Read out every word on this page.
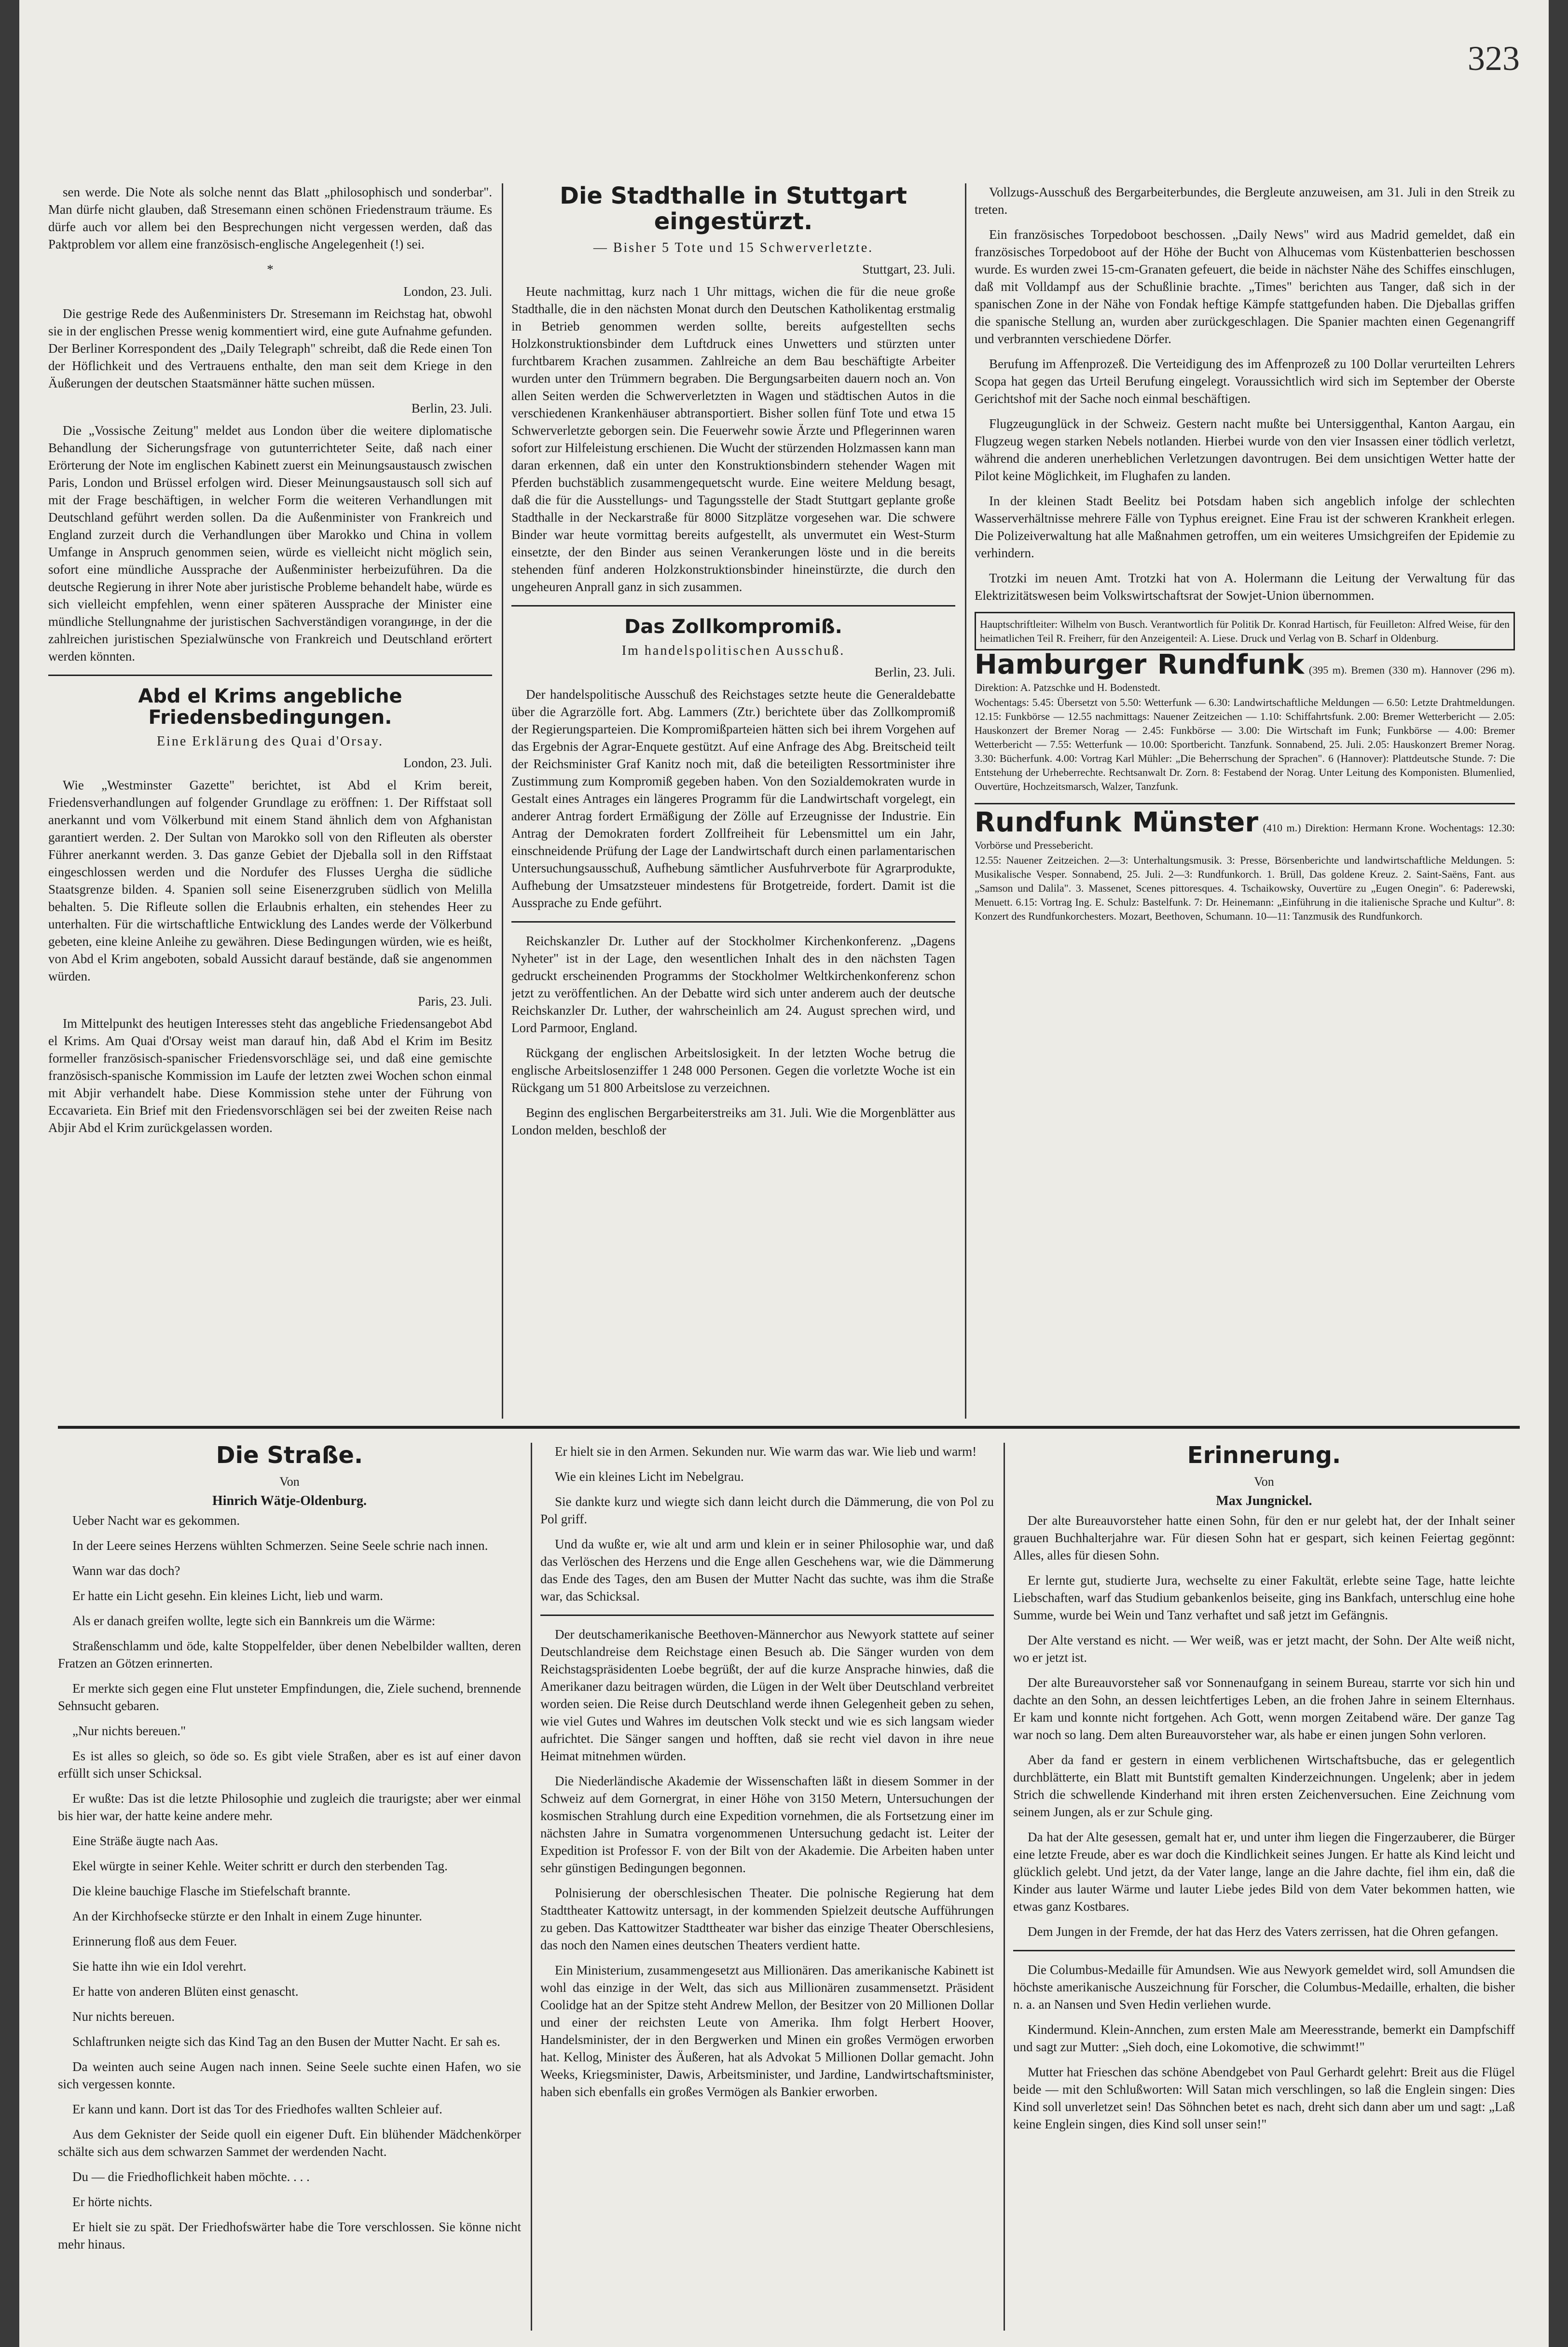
323

sen werde. Die Note als solche nennt das Blatt „philosophisch und sonderbar". Man dürfe nicht glauben, daß Stresemann einen schönen Friedenstraum träume. Es dürfe auch vor allem bei den Besprechungen nicht vergessen werden, daß das Paktproblem vor allem eine französisch-englische Angelegenheit (!) sei.

*
London, 23. Juli.

Die gestrige Rede des Außenministers Dr. Stresemann im Reichstag hat, obwohl sie in der englischen Presse wenig kommentiert wird, eine gute Aufnahme gefunden. Der Berliner Korrespondent des „Daily Telegraph" schreibt, daß die Rede einen Ton der Höflichkeit und des Vertrauens enthalte, den man seit dem Kriege in den Äußerungen der deutschen Staatsmänner hätte suchen müssen.

Berlin, 23. Juli.

Die „Vossische Zeitung" meldet aus London über die weitere diplomatische Behandlung der Sicherungsfrage von gutunterrichteter Seite, daß nach einer Erörterung der Note im englischen Kabinett zuerst ein Meinungsaustausch zwischen Paris, London und Brüssel erfolgen wird. Dieser Meinungsaustausch soll sich auf mit der Frage beschäftigen, in welcher Form die weiteren Verhandlungen mit Deutschland geführt werden sollen. Da die Außenminister von Frankreich und England zurzeit durch die Verhandlungen über Marokko und China in vollem Umfange in Anspruch genommen seien, würde es vielleicht nicht möglich sein, sofort eine mündliche Aussprache der Außenminister herbeizuführen. Da die deutsche Regierung in ihrer Note aber juristische Probleme behandelt habe, würde es sich vielleicht empfehlen, wenn einer späteren Aussprache der Minister eine mündliche Stellungnahme der juristischen Sachverständigen vorangинge, in der die zahlreichen juristischen Spezialwünsche von Frankreich und Deutschland erörtert werden könnten.

Abd el Krims angebliche Friedensbedingungen.
Eine Erklärung des Quai d'Orsay.
London, 23. Juli.

Wie „Westminster Gazette" berichtet, ist Abd el Krim bereit, Friedensverhandlungen auf folgender Grundlage zu eröffnen: 1. Der Riffstaat soll anerkannt und vom Völkerbund mit einem Stand ähnlich dem von Afghanistan garantiert werden. 2. Der Sultan von Marokko soll von den Rifleuten als oberster Führer anerkannt werden. 3. Das ganze Gebiet der Djeballa soll in den Riffstaat eingeschlossen werden und die Nordufer des Flusses Uergha die südliche Staatsgrenze bilden. 4. Spanien soll seine Eisenerzgruben südlich von Melilla behalten. 5. Die Rifleute sollen die Erlaubnis erhalten, ein stehendes Heer zu unterhalten. Für die wirtschaftliche Entwicklung des Landes werde der Völkerbund gebeten, eine kleine Anleihe zu gewähren. Diese Bedingungen würden, wie es heißt, von Abd el Krim angeboten, sobald Aussicht darauf bestände, daß sie angenommen würden.

Paris, 23. Juli.

Im Mittelpunkt des heutigen Interesses steht das angebliche Friedensangebot Abd el Krims. Am Quai d'Orsay weist man darauf hin, daß Abd el Krim im Besitz formeller französisch-spanischer Friedensvorschläge sei, und daß eine gemischte französisch-spanische Kommission im Laufe der letzten zwei Wochen schon einmal mit Abjir verhandelt habe. Diese Kommission stehe unter der Führung von Eccavarieta. Ein Brief mit den Friedensvorschlägen sei bei der zweiten Reise nach Abjir Abd el Krim zurückgelassen worden.

Die Stadthalle in Stuttgart eingestürzt.
— Bisher 5 Tote und 15 Schwerverletzte.
Stuttgart, 23. Juli.

Heute nachmittag, kurz nach 1 Uhr mittags, wichen die für die neue große Stadthalle, die in den nächsten Monat durch den Deutschen Katholikentag erstmalig in Betrieb genommen werden sollte, bereits aufgestellten sechs Holzkonstruktionsbinder dem Luftdruck eines Unwetters und stürzten unter furchtbarem Krachen zusammen. Zahlreiche an dem Bau beschäftigte Arbeiter wurden unter den Trümmern begraben. Die Bergungsarbeiten dauern noch an. Von allen Seiten werden die Schwerverletzten in Wagen und städtischen Autos in die verschiedenen Krankenhäuser abtransportiert. Bisher sollen fünf Tote und etwa 15 Schwerverletzte geborgen sein. Die Feuerwehr sowie Ärzte und Pflegerinnen waren sofort zur Hilfeleistung erschienen. Die Wucht der stürzenden Holzmassen kann man daran erkennen, daß ein unter den Konstruktionsbindern stehender Wagen mit Pferden buchstäblich zusammengequetscht wurde. Eine weitere Meldung besagt, daß die für die Ausstellungs- und Tagungsstelle der Stadt Stuttgart geplante große Stadthalle in der Neckarstraße für 8000 Sitzplätze vorgesehen war. Die schwere Binder war heute vormittag bereits aufgestellt, als unvermutet ein West-Sturm einsetzte, der den Binder aus seinen Verankerungen löste und in die bereits stehenden fünf anderen Holzkonstruktionsbinder hineinstürzte, die durch den ungeheuren Anprall ganz in sich zusammen.

Das Zollkompromiß.
Im handelspolitischen Ausschuß.
Berlin, 23. Juli.

Der handelspolitische Ausschuß des Reichstages setzte heute die Generaldebatte über die Agrarzölle fort. Abg. Lammers (Ztr.) berichtete über das Zollkompromiß der Regierungsparteien. Die Kompromißparteien hätten sich bei ihrem Vorgehen auf das Ergebnis der Agrar-Enquete gestützt. Auf eine Anfrage des Abg. Breitscheid teilt der Reichsminister Graf Kanitz noch mit, daß die beteiligten Ressortminister ihre Zustimmung zum Kompromiß gegeben haben. Von den Sozialdemokraten wurde in Gestalt eines Antrages ein längeres Programm für die Landwirtschaft vorgelegt, ein anderer Antrag fordert Ermäßigung der Zölle auf Erzeugnisse der Industrie. Ein Antrag der Demokraten fordert Zollfreiheit für Lebensmittel um ein Jahr, einschneidende Prüfung der Lage der Landwirtschaft durch einen parlamentarischen Untersuchungsausschuß, Aufhebung sämtlicher Ausfuhrverbote für Agrarprodukte, Aufhebung der Umsatzsteuer mindestens für Brotgetreide, fordert. Damit ist die Aussprache zu Ende geführt.

Reichskanzler Dr. Luther auf der Stockholmer Kirchenkonferenz. „Dagens Nyheter" ist in der Lage, den wesentlichen Inhalt des in den nächsten Tagen gedruckt erscheinenden Programms der Stockholmer Weltkirchenkonferenz schon jetzt zu veröffentlichen. An der Debatte wird sich unter anderem auch der deutsche Reichskanzler Dr. Luther, der wahrscheinlich am 24. August sprechen wird, und Lord Parmoor, England.

Rückgang der englischen Arbeitslosigkeit. In der letzten Woche betrug die englische Arbeitslosenziffer 1 248 000 Personen. Gegen die vorletzte Woche ist ein Rückgang um 51 800 Arbeitslose zu verzeichnen.

Beginn des englischen Bergarbeiterstreiks am 31. Juli. Wie die Morgenblätter aus London melden, beschloß der

Vollzugs-Ausschuß des Bergarbeiterbundes, die Bergleute anzuweisen, am 31. Juli in den Streik zu treten.

Ein französisches Torpedoboot beschossen. „Daily News" wird aus Madrid gemeldet, daß ein französisches Torpedoboot auf der Höhe der Bucht von Alhucemas vom Küstenbatterien beschossen wurde. Es wurden zwei 15-cm-Granaten gefeuert, die beide in nächster Nähe des Schiffes einschlugen, daß mit Volldampf aus der Schußlinie brachte. „Times" berichten aus Tanger, daß sich in der spanischen Zone in der Nähe von Fondak heftige Kämpfe stattgefunden haben. Die Djeballas griffen die spanische Stellung an, wurden aber zurückgeschlagen. Die Spanier machten einen Gegenangriff und verbrannten verschiedene Dörfer.

Berufung im Affenprozeß. Die Verteidigung des im Affenprozeß zu 100 Dollar verurteilten Lehrers Scopa hat gegen das Urteil Berufung eingelegt. Voraussichtlich wird sich im September der Oberste Gerichtshof mit der Sache noch einmal beschäftigen.

Flugzeugunglück in der Schweiz. Gestern nacht mußte bei Untersiggenthal, Kanton Aargau, ein Flugzeug wegen starken Nebels notlanden. Hierbei wurde von den vier Insassen einer tödlich verletzt, während die anderen unerheblichen Verletzungen davontrugen. Bei dem unsichtigen Wetter hatte der Pilot keine Möglichkeit, im Flughafen zu landen.

In der kleinen Stadt Beelitz bei Potsdam haben sich angeblich infolge der schlechten Wasserverhältnisse mehrere Fälle von Typhus ereignet. Eine Frau ist der schweren Krankheit erlegen. Die Polizeiverwaltung hat alle Maßnahmen getroffen, um ein weiteres Umsichgreifen der Epidemie zu verhindern.

Trotzki im neuen Amt. Trotzki hat von A. Holermann die Leitung der Verwaltung für das Elektrizitätswesen beim Volkswirtschaftsrat der Sowjet-Union übernommen.

Hauptschriftleiter: Wilhelm von Busch. Verantwortlich für Politik Dr. Konrad Hartisch, für Feuilleton: Alfred Weise, für den heimatlichen Teil R. Freiherr, für den Anzeigenteil: A. Liese. Druck und Verlag von B. Scharf in Oldenburg.
Hamburger Rundfunk (395 m). Bremen (330 m). Hannover (296 m). Direktion: A. Patzschke und H. Bodenstedt.
Wochentags: 5.45: Übersetzt von 5.50: Wetterfunk — 6.30: Landwirtschaftliche Meldungen — 6.50: Letzte Drahtmeldungen. 12.15: Funkbörse — 12.55 nachmittags: Nauener Zeitzeichen — 1.10: Schiffahrtsfunk. 2.00: Bremer Wetterbericht — 2.05: Hauskonzert der Bremer Norag — 2.45: Funkbörse — 3.00: Die Wirtschaft im Funk; Funkbörse — 4.00: Bremer Wetterbericht — 7.55: Wetterfunk — 10.00: Sportbericht. Tanzfunk. Sonnabend, 25. Juli. 2.05: Hauskonzert Bremer Norag. 3.30: Bücherfunk. 4.00: Vortrag Karl Mühler: „Die Beherrschung der Sprachen". 6 (Hannover): Plattdeutsche Stunde. 7: Die Entstehung der Urheberrechte. Rechtsanwalt Dr. Zorn. 8: Festabend der Norag. Unter Leitung des Komponisten. Blumenlied, Ouvertüre, Hochzeitsmarsch, Walzer, Tanzfunk.
Rundfunk Münster (410 m.) Direktion: Hermann Krone. Wochentags: 12.30: Vorbörse und Pressebericht.
12.55: Nauener Zeitzeichen. 2—3: Unterhaltungsmusik. 3: Presse, Börsenberichte und landwirtschaftliche Meldungen. 5: Musikalische Vesper. Sonnabend, 25. Juli. 2—3: Rundfunkorch. 1. Brüll, Das goldene Kreuz. 2. Saint-Saëns, Fant. aus „Samson und Dalila". 3. Massenet, Scenes pittoresques. 4. Tschaikowsky, Ouvertüre zu „Eugen Onegin". 6: Paderewski, Menuett. 6.15: Vortrag Ing. E. Schulz: Bastelfunk. 7: Dr. Heinemann: „Einführung in die italienische Sprache und Kultur". 8: Konzert des Rundfunkorchesters. Mozart, Beethoven, Schumann. 10—11: Tanzmusik des Rundfunkorch.
Die Straße.
Von
Hinrich Wätje-Oldenburg.

Ueber Nacht war es gekommen.

In der Leere seines Herzens wühlten Schmerzen. Seine Seele schrie nach innen.

Wann war das doch?

Er hatte ein Licht gesehn. Ein kleines Licht, lieb und warm.

Als er danach greifen wollte, legte sich ein Bannkreis um die Wärme:

Straßenschlamm und öde, kalte Stoppelfelder, über denen Nebelbilder wallten, deren Fratzen an Götzen erinnerten.

Er merkte sich gegen eine Flut unsteter Empfindungen, die, Ziele suchend, brennende Sehnsucht gebaren.

„Nur nichts bereuen."

Es ist alles so gleich, so öde so. Es gibt viele Straßen, aber es ist auf einer davon erfüllt sich unser Schicksal.

Er wußte: Das ist die letzte Philosophie und zugleich die traurigste; aber wer einmal bis hier war, der hatte keine andere mehr.

Eine Sträße äugte nach Aas.

Ekel würgte in seiner Kehle. Weiter schritt er durch den sterbenden Tag.

Die kleine bauchige Flasche im Stiefelschaft brannte.

An der Kirchhofsecke stürzte er den Inhalt in einem Zuge hinunter.

Erinnerung floß aus dem Feuer.

Sie hatte ihn wie ein Idol verehrt.

Er hatte von anderen Blüten einst genascht.

Nur nichts bereuen.

Schlaftrunken neigte sich das Kind Tag an den Busen der Mutter Nacht. Er sah es.

Da weinten auch seine Augen nach innen. Seine Seele suchte einen Hafen, wo sie sich vergessen konnte.

Er kann und kann. Dort ist das Tor des Friedhofes wallten Schleier auf.

Aus dem Geknister der Seide quoll ein eigener Duft. Ein blühender Mädchenkörper schälte sich aus dem schwarzen Sammet der werdenden Nacht.

Du — die Friedhoflichkeit haben möchte. . . .

Er hörte nichts.

Er hielt sie zu spät. Der Friedhofswärter habe die Tore verschlossen. Sie könne nicht mehr hinaus.

Er hielt sie in den Armen. Sekunden nur. Wie warm das war. Wie lieb und warm!

Wie ein kleines Licht im Nebelgrau.

Sie dankte kurz und wiegte sich dann leicht durch die Dämmerung, die von Pol zu Pol griff.

Und da wußte er, wie alt und arm und klein er in seiner Philosophie war, und daß das Verlöschen des Herzens und die Enge allen Geschehens war, wie die Dämmerung das Ende des Tages, den am Busen der Mutter Nacht das suchte, was ihm die Straße war, das Schicksal.

Der deutschamerikanische Beethoven-Männerchor aus Newyork stattete auf seiner Deutschlandreise dem Reichstage einen Besuch ab. Die Sänger wurden von dem Reichstagspräsidenten Loebe begrüßt, der auf die kurze Ansprache hinwies, daß die Amerikaner dazu beitragen würden, die Lügen in der Welt über Deutschland verbreitet worden seien. Die Reise durch Deutschland werde ihnen Gelegenheit geben zu sehen, wie viel Gutes und Wahres im deutschen Volk steckt und wie es sich langsam wieder aufrichtet. Die Sänger sangen und hofften, daß sie recht viel davon in ihre neue Heimat mitnehmen würden.

Die Niederländische Akademie der Wissenschaften läßt in diesem Sommer in der Schweiz auf dem Gornergrat, in einer Höhe von 3150 Metern, Untersuchungen der kosmischen Strahlung durch eine Expedition vornehmen, die als Fortsetzung einer im nächsten Jahre in Sumatra vorgenommenen Untersuchung gedacht ist. Leiter der Expedition ist Professor F. von der Bilt von der Akademie. Die Arbeiten haben unter sehr günstigen Bedingungen begonnen.

Polnisierung der oberschlesischen Theater. Die polnische Regierung hat dem Stadttheater Kattowitz untersagt, in der kommenden Spielzeit deutsche Aufführungen zu geben. Das Kattowitzer Stadttheater war bisher das einzige Theater Oberschlesiens, das noch den Namen eines deutschen Theaters verdient hatte.

Ein Ministerium, zusammengesetzt aus Millionären. Das amerikanische Kabinett ist wohl das einzige in der Welt, das sich aus Millionären zusammensetzt. Präsident Coolidge hat an der Spitze steht Andrew Mellon, der Besitzer von 20 Millionen Dollar und einer der reichsten Leute von Amerika. Ihm folgt Herbert Hoover, Handelsminister, der in den Bergwerken und Minen ein großes Vermögen erworben hat. Kellog, Minister des Äußeren, hat als Advokat 5 Millionen Dollar gemacht. John Weeks, Kriegsminister, Dawis, Arbeitsminister, und Jardine, Landwirtschaftsminister, haben sich ebenfalls ein großes Vermögen als Bankier erworben.

Erinnerung.
Von
Max Jungnickel.

Der alte Bureauvorsteher hatte einen Sohn, für den er nur gelebt hat, der der Inhalt seiner grauen Buchhalterjahre war. Für diesen Sohn hat er gespart, sich keinen Feiertag gegönnt: Alles, alles für diesen Sohn.

Er lernte gut, studierte Jura, wechselte zu einer Fakultät, erlebte seine Tage, hatte leichte Liebschaften, warf das Studium gebankenlos beiseite, ging ins Bankfach, unterschlug eine hohe Summe, wurde bei Wein und Tanz verhaftet und saß jetzt im Gefängnis.

Der Alte verstand es nicht. — Wer weiß, was er jetzt macht, der Sohn. Der Alte weiß nicht, wo er jetzt ist.

Der alte Bureauvorsteher saß vor Sonnenaufgang in seinem Bureau, starrte vor sich hin und dachte an den Sohn, an dessen leichtfertiges Leben, an die frohen Jahre in seinem Elternhaus. Er kam und konnte nicht fortgehen. Ach Gott, wenn morgen Zeitabend wäre. Der ganze Tag war noch so lang. Dem alten Bureauvorsteher war, als habe er einen jungen Sohn verloren.

Aber da fand er gestern in einem verblichenen Wirtschaftsbuche, das er gelegentlich durchblätterte, ein Blatt mit Buntstift gemalten Kinderzeichnungen. Ungelenk; aber in jedem Strich die schwellende Kinderhand mit ihren ersten Zeichenversuchen. Eine Zeichnung vom seinem Jungen, als er zur Schule ging.

Da hat der Alte gesessen, gemalt hat er, und unter ihm liegen die Fingerzauberer, die Bürger eine letzte Freude, aber es war doch die Kindlichkeit seines Jungen. Er hatte als Kind leicht und glücklich gelebt. Und jetzt, da der Vater lange, lange an die Jahre dachte, fiel ihm ein, daß die Kinder aus lauter Wärme und lauter Liebe jedes Bild von dem Vater bekommen hatten, wie etwas ganz Kostbares.

Dem Jungen in der Fremde, der hat das Herz des Vaters zerrissen, hat die Ohren gefangen.

Die Columbus-Medaille für Amundsen. Wie aus Newyork gemeldet wird, soll Amundsen die höchste amerikanische Auszeichnung für Forscher, die Columbus-Medaille, erhalten, die bisher n. a. an Nansen und Sven Hedin verliehen wurde.

Kindermund. Klein-Annchen, zum ersten Male am Meeresstrande, bemerkt ein Dampfschiff und sagt zur Mutter: „Sieh doch, eine Lokomotive, die schwimmt!"

Mutter hat Frieschen das schöne Abendgebet von Paul Gerhardt gelehrt: Breit aus die Flügel beide — mit den Schlußworten: Will Satan mich verschlingen, so laß die Englein singen: Dies Kind soll unverletzet sein! Das Söhnchen betet es nach, dreht sich dann aber um und sagt: „Laß keine Englein singen, dies Kind soll unser sein!"
